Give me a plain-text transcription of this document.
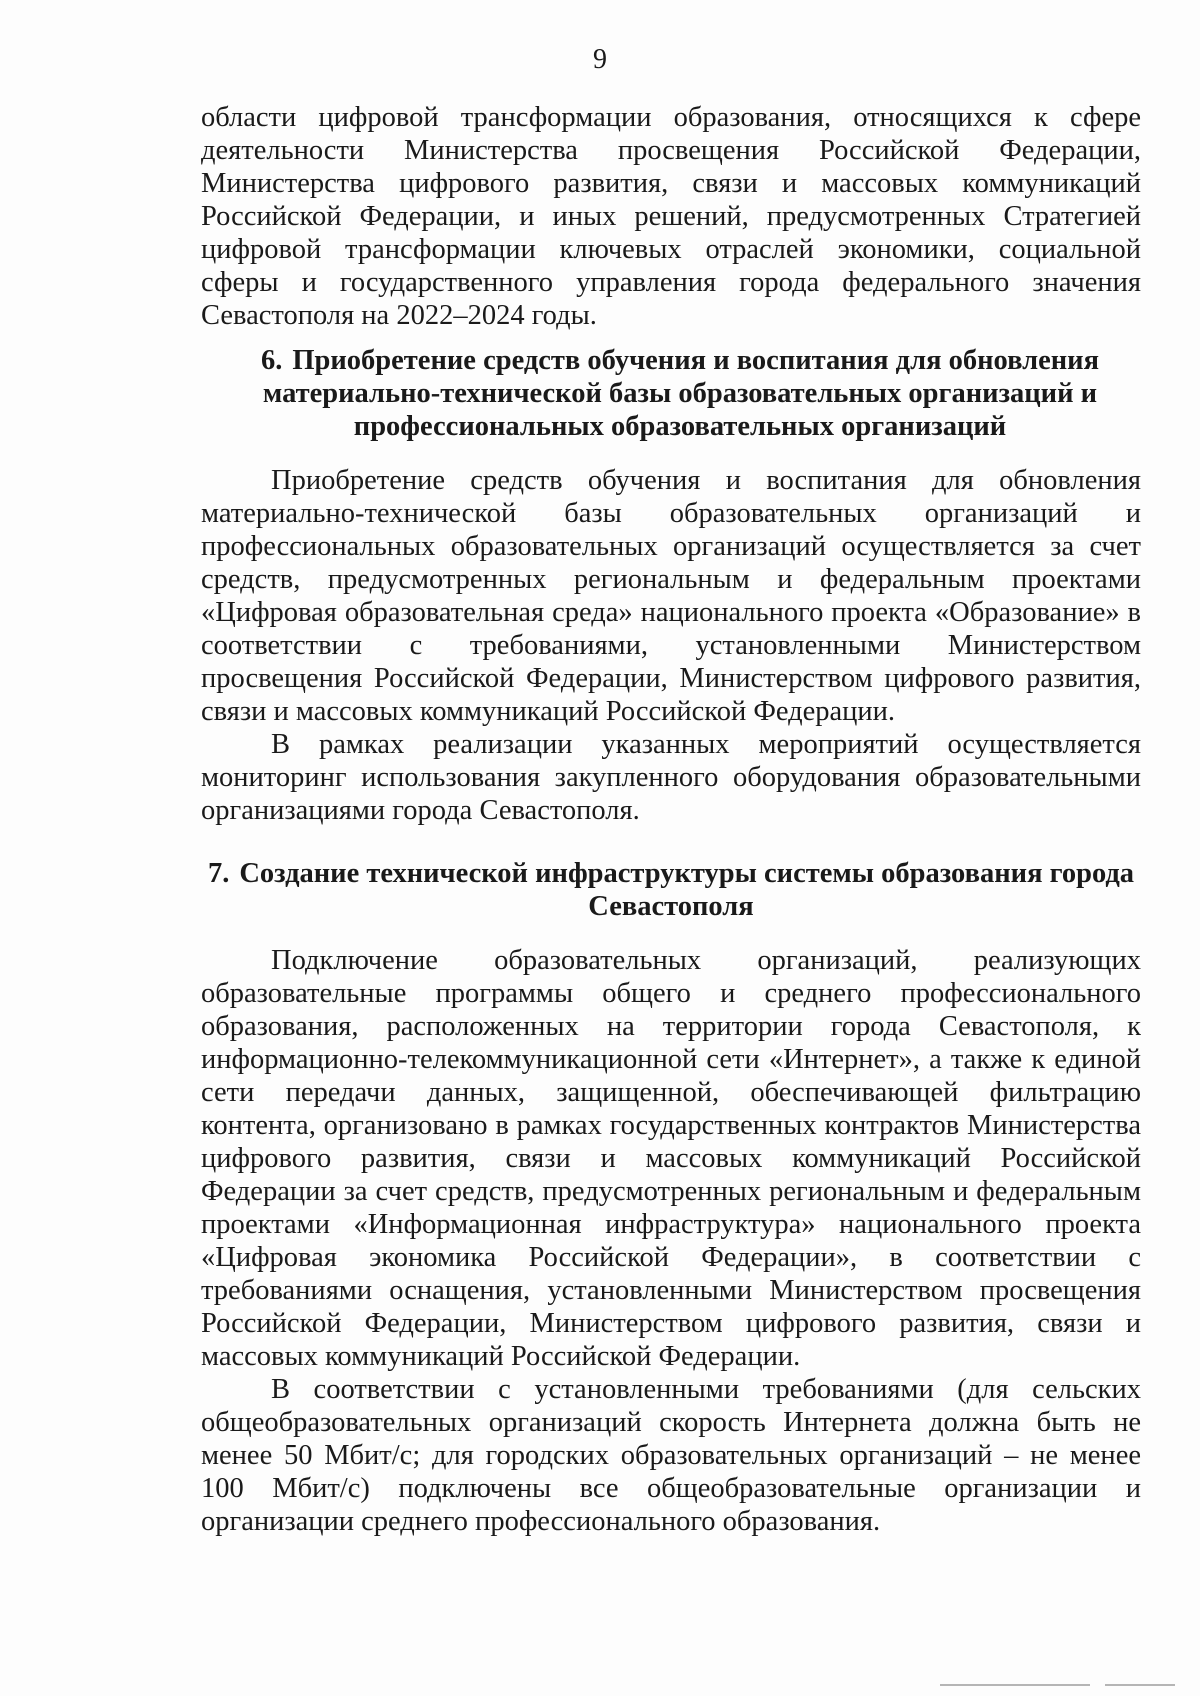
9

области цифровой трансформации образования, относящихся к сфере деятельности Министерства просвещения Российской Федерации, Министерства цифрового развития, связи и массовых коммуникаций Российской Федерации, и иных решений, предусмотренных Стратегией цифровой трансформации ключевых отраслей экономики, социальной сферы и государственного управления города федерального значения Севастополя на 2022–2024 годы.

6. Приобретение средств обучения и воспитания для обновления материально-технической базы образовательных организаций и профессиональных образовательных организаций

Приобретение средств обучения и воспитания для обновления материально-технической базы образовательных организаций и профессиональных образовательных организаций осуществляется за счет средств, предусмотренных региональным и федеральным проектами «Цифровая образовательная среда» национального проекта «Образование» в соответствии с требованиями, установленными Министерством просвещения Российской Федерации, Министерством цифрового развития, связи и массовых коммуникаций Российской Федерации.

В рамках реализации указанных мероприятий осуществляется мониторинг использования закупленного оборудования образовательными организациями города Севастополя.

7. Создание технической инфраструктуры системы образования города Севастополя

Подключение образовательных организаций, реализующих образовательные программы общего и среднего профессионального образования, расположенных на территории города Севастополя, к информационно-телекоммуникационной сети «Интернет», а также к единой сети передачи данных, защищенной, обеспечивающей фильтрацию контента, организовано в рамках государственных контрактов Министерства цифрового развития, связи и массовых коммуникаций Российской Федерации за счет средств, предусмотренных региональным и федеральным проектами «Информационная инфраструктура» национального проекта «Цифровая экономика Российской Федерации», в соответствии с требованиями оснащения, установленными Министерством просвещения Российской Федерации, Министерством цифрового развития, связи и массовых коммуникаций Российской Федерации.

В соответствии с установленными требованиями (для сельских общеобразовательных организаций скорость Интернета должна быть не менее 50 Мбит/с; для городских образовательных организаций – не менее 100 Мбит/с) подключены все общеобразовательные организации и организации среднего профессионального образования.
